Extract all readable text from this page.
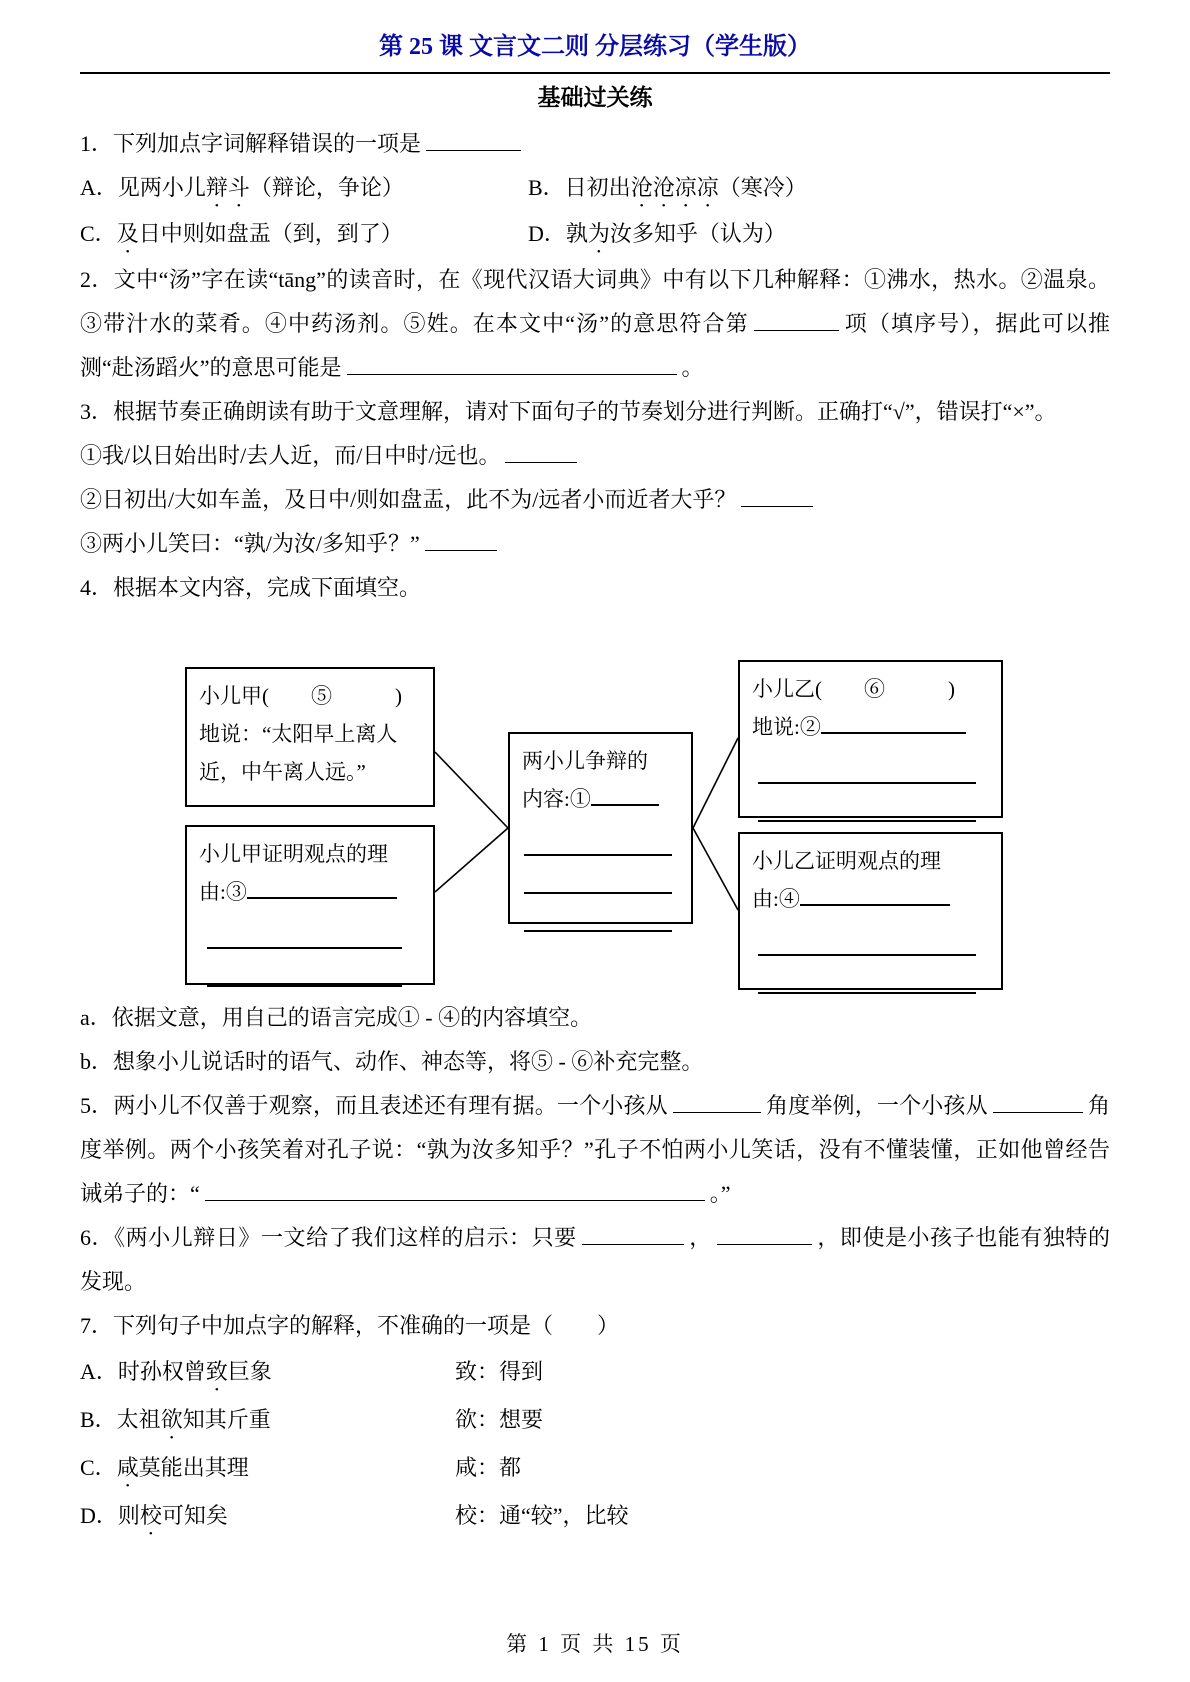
第 25 课 文言文二则 分层练习（学生版）
基础过关练

1．下列加点字词解释错误的一项是

A．见两小儿辩斗（辩论，争论）	B．日初出沧沧凉凉（寒冷）
C．及日中则如盘盂（到，到了）	D．孰为汝多知乎（认为）

2．文中“汤”字在读“tāng”的读音时，在《现代汉语大词典》中有以下几种解释：①沸水，热水。②温泉。③带汁水的菜肴。④中药汤剂。⑤姓。在本文中“汤”的意思符合第	项（填序号），据此可以推测“赴汤蹈火”的意思可能是	。

3．根据节奏正确朗读有助于文意理解，请对下面句子的节奏划分进行判断。正确打“√”，错误打“×”。

①我/以日始出时/去人近，而/日中时/远也。

②日初出/大如车盖，及日中/则如盘盂，此不为/远者小而近者大乎？

③两小儿笑曰：“孰/为汝/多知乎？”

4．根据本文内容，完成下面填空。

小儿甲(　　⑤　　　)
地说：“太阳早上离人
近，中午离人远。”
小儿甲证明观点的理
由:③
两小儿争辩的
内容:①
小儿乙(　　⑥　　　)
地说:②
小儿乙证明观点的理
由:④

a．依据文意，用自己的语言完成① - ④的内容填空。

b．想象小儿说话时的语气、动作、神态等，将⑤ - ⑥补充完整。

5．两小儿不仅善于观察，而且表述还有理有据。一个小孩从	角度举例，一个小孩从	角度举例。两个小孩笑着对孔子说：“孰为汝多知乎？”孔子不怕两小儿笑话，没有不懂装懂，正如他曾经告诫弟子的：“	。”

6．《两小儿辩日》一文给了我们这样的启示：只要	，	，即使是小孩子也能有独特的发现。

7．下列句子中加点字的解释，不准确的一项是（　　）

A．时孙权曾致巨象	致：得到
B．太祖欲知其斤重	欲：想要
C．咸莫能出其理	咸：都
D．则校可知矣	校：通“较”，比较
第 1 页 共 15 页
